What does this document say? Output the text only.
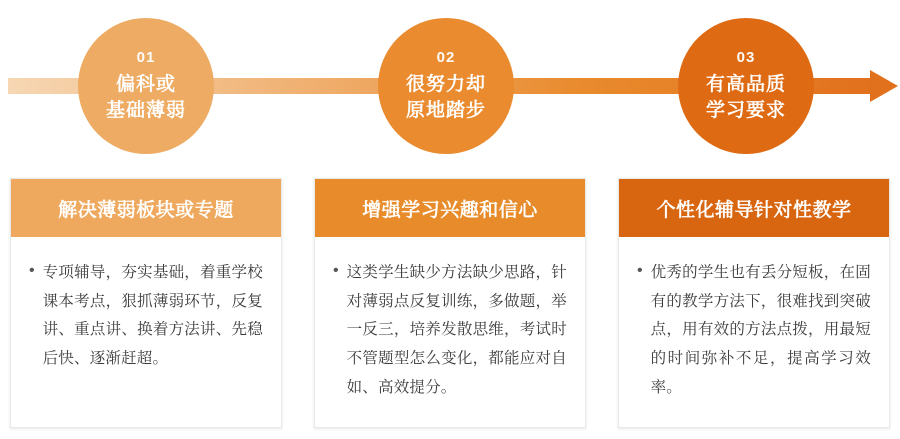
01
偏科或
基础薄弱
02
很努力却
原地踏步
03
有高品质
学习要求
解决薄弱板块或专题
• 专项辅导，夯实基础，着重学校课本考点，狠抓薄弱环节，反复讲、重点讲、换着方法讲、先稳后快、逐渐赶超。
增强学习兴趣和信心
• 这类学生缺少方法缺少思路，针对薄弱点反复训练，多做题，举一反三，培养发散思维，考试时不管题型怎么变化，都能应对自如、高效提分。
个性化辅导针对性教学
• 优秀的学生也有丢分短板，在固有的教学方法下，很难找到突破点，用有效的方法点拨，用最短的时间弥补不足，提高学习效率。
